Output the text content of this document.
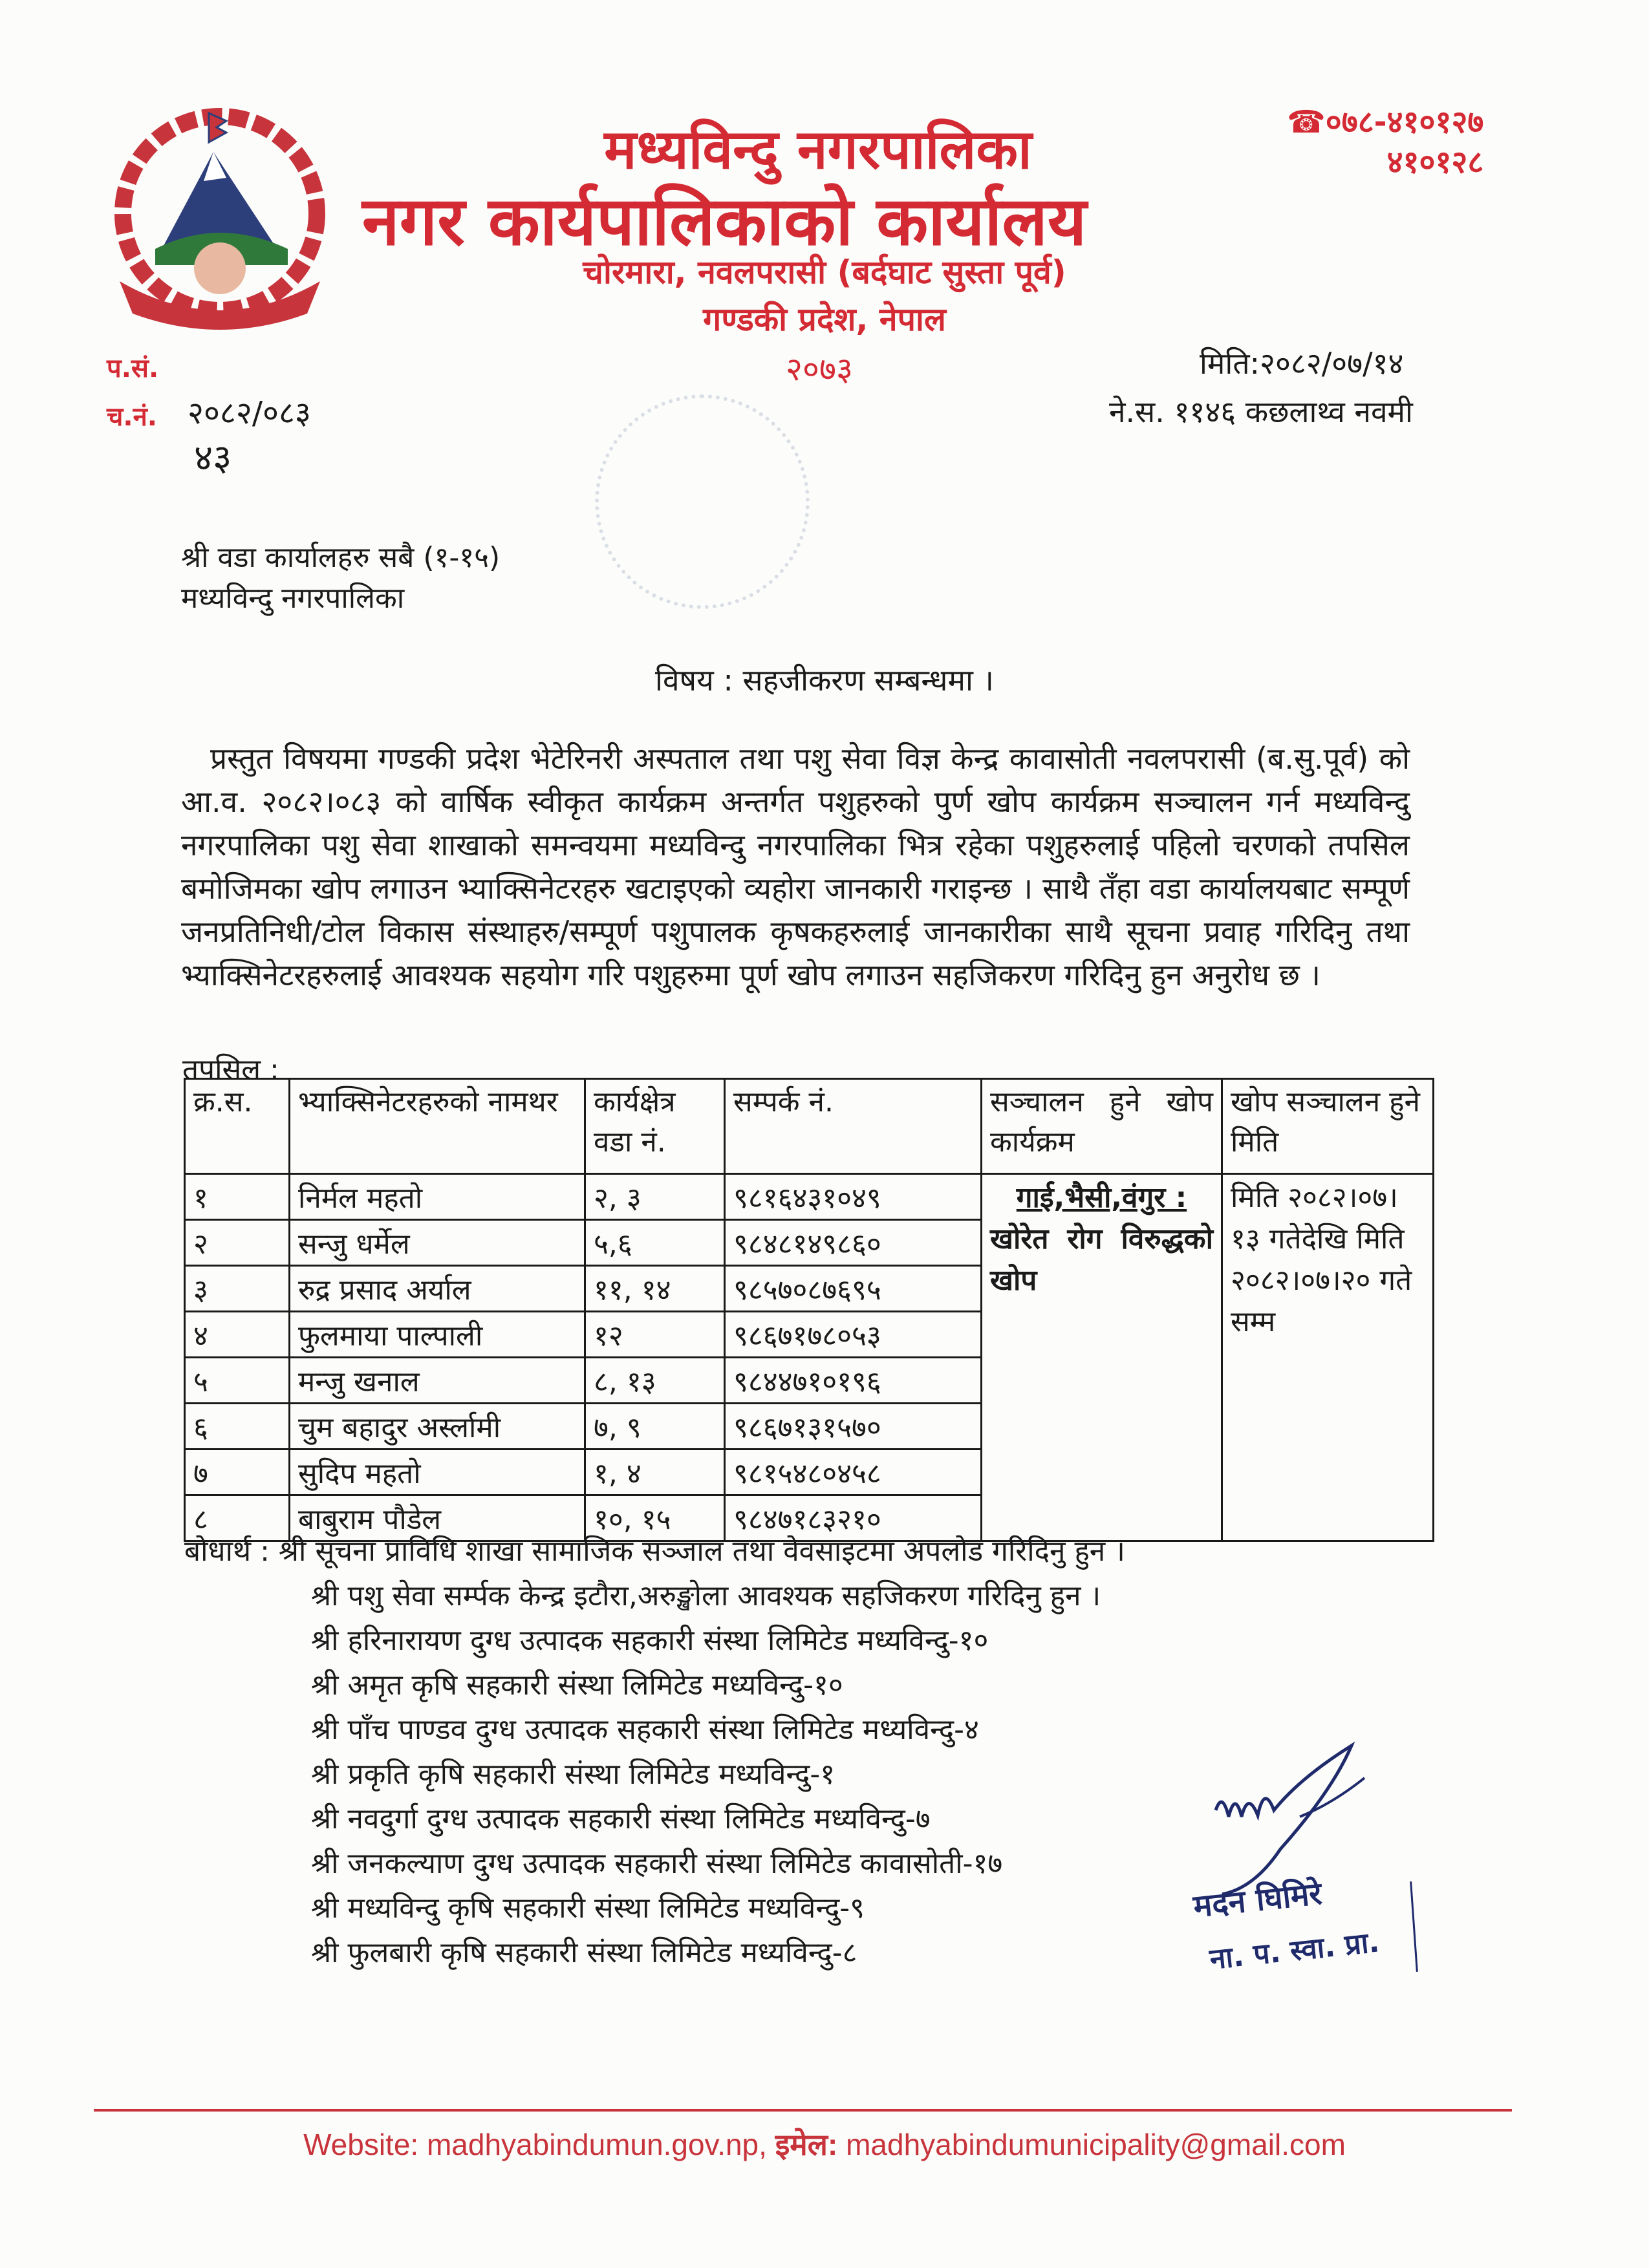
मध्यविन्दु नगरपालिका
नगर कार्यपालिकाको कार्यालय
चोरमारा, नवलपरासी (बर्दघाट सुस्ता पूर्व)
गण्डकी प्रदेश, नेपाल
२०७३
☎०७८-४१०१२७
४१०१२८
प.सं.
च.नं. २०८२/०८३
४३
मिति:२०८२/०७/१४
ने.स. ११४६ कछलाथ्व नवमी
श्री वडा कार्यालहरु सबै (१-१५)
मध्यविन्दु नगरपालिका
विषय : सहजीकरण सम्बन्धमा ।
प्रस्तुत विषयमा गण्डकी प्रदेश भेटेरिनरी अस्पताल तथा पशु सेवा विज्ञ केन्द्र कावासोती नवलपरासी (ब.सु.पूर्व) को आ.व. २०८२।०८३ को वार्षिक स्वीकृत कार्यक्रम अन्तर्गत पशुहरुको पुर्ण खोप कार्यक्रम सञ्चालन गर्न मध्यविन्दु नगरपालिका पशु सेवा शाखाको समन्वयमा मध्यविन्दु नगरपालिका भित्र रहेका पशुहरुलाई पहिलो चरणको तपसिल बमोजिमका खोप लगाउन भ्याक्सिनेटरहरु खटाइएको व्यहोरा जानकारी गराइन्छ । साथै तँहा वडा कार्यालयबाट सम्पूर्ण जनप्रतिनिधी/टोल विकास संस्थाहरु/सम्पूर्ण पशुपालक कृषकहरुलाई जानकारीका साथै सूचना प्रवाह गरिदिनु तथा भ्याक्सिनेटरहरुलाई आवश्यक सहयोग गरि पशुहरुमा पूर्ण खोप लगाउन सहजिकरण गरिदिनु हुन अनुरोध छ ।
तपसिल :
क्र.स.	भ्याक्सिनेटरहरुको नामथर	कार्यक्षेत्र वडा नं.	सम्पर्क नं.	सञ्चालन हुने खोप कार्यक्रम	खोप सञ्चालन हुने मिति
१	निर्मल महतो	२, ३	९८१६४३१०४९	गाई,भैसी,वंगुर :
खोरेत रोग विरुद्धको खोप	मिति २०८२।०७।१३ गतेदेखि मिति २०८२।०७।२० गते सम्म
२	सन्जु धर्मेल	५,६	९८४८१४९८६०		
३	रुद्र प्रसाद अर्याल	११, १४	९८५७०८७६९५		
४	फुलमाया पाल्पाली	१२	९८६७१७८०५३		
५	मन्जु खनाल	८, १३	९८४४७१०१९६		
६	चुम बहादुर अर्स्लामी	७, ९	९८६७१३१५७०		
७	सुदिप महतो	१, ४	९८१५४८०४५८		
८	बाबुराम पौडेल	१०, १५	९८४७१८३२१०		
बोधार्थ : श्री सूचना प्राविधि शाखा सामाजिक सञ्जाल तथा वेवसाइटमा अपलोड गरिदिनु हुन ।
श्री पशु सेवा सर्म्पक केन्द्र इटौरा,अरुङ्खोला आवश्यक सहजिकरण गरिदिनु हुन ।
श्री हरिनारायण दुग्ध उत्पादक सहकारी संस्था लिमिटेड मध्यविन्दु-१०
श्री अमृत कृषि सहकारी संस्था लिमिटेड मध्यविन्दु-१०
श्री पाँच पाण्डव दुग्ध उत्पादक सहकारी संस्था लिमिटेड मध्यविन्दु-४
श्री प्रकृति कृषि सहकारी संस्था लिमिटेड मध्यविन्दु-१
श्री नवदुर्गा दुग्ध उत्पादक सहकारी संस्था लिमिटेड मध्यविन्दु-७
श्री जनकल्याण दुग्ध उत्पादक सहकारी संस्था लिमिटेड कावासोती-१७
श्री मध्यविन्दु कृषि सहकारी संस्था लिमिटेड मध्यविन्दु-९
श्री फुलबारी कृषि सहकारी संस्था लिमिटेड मध्यविन्दु-८
मदन घिमिरे
ना. प. स्वा. प्रा.
Website: madhyabindumun.gov.np, इमेल: madhyabindumunicipality@gmail.com
